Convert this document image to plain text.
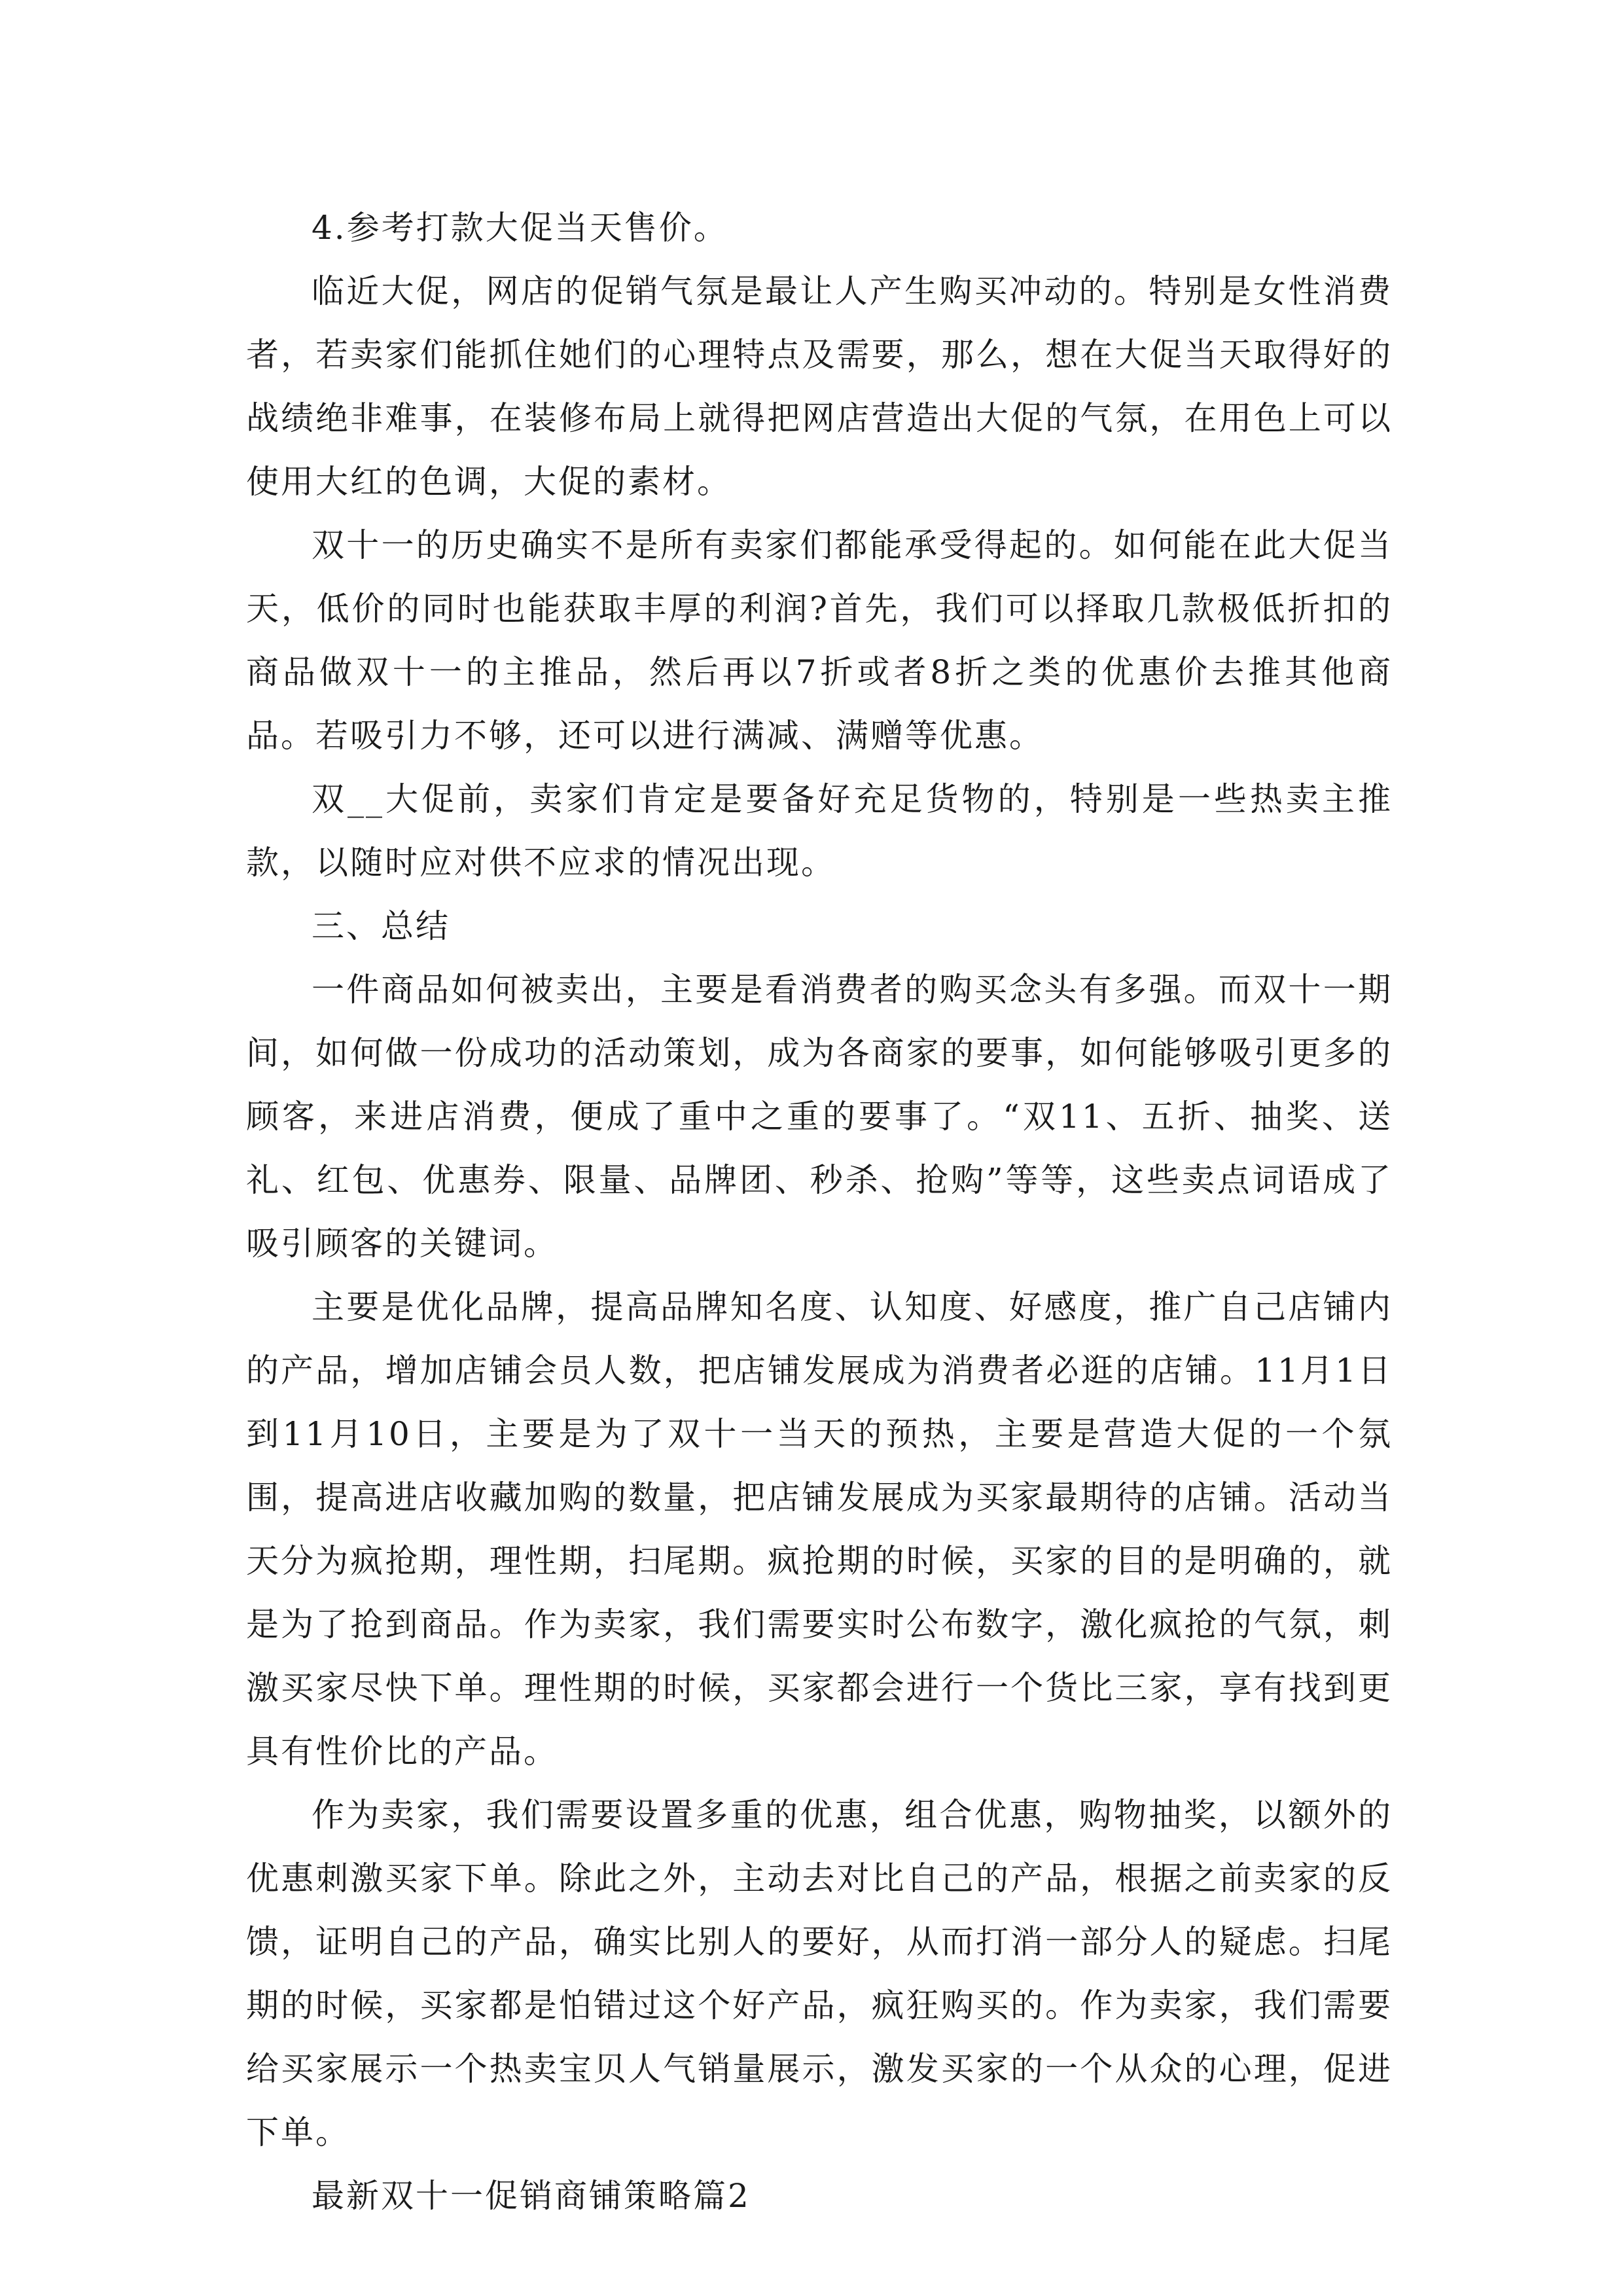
4.参考打款大促当天售价。

临近大促，网店的促销气氛是最让人产生购买冲动的。特别是女性消费者，若卖家们能抓住她们的心理特点及需要，那么，想在大促当天取得好的战绩绝非难事，在装修布局上就得把网店营造出大促的气氛，在用色上可以使用大红的色调，大促的素材。

双十一的历史确实不是所有卖家们都能承受得起的。如何能在此大促当天，低价的同时也能获取丰厚的利润?首先，我们可以择取几款极低折扣的商品做双十一的主推品，然后再以7折或者8折之类的优惠价去推其他商品。若吸引力不够，还可以进行满减、满赠等优惠。

双__大促前，卖家们肯定是要备好充足货物的，特别是一些热卖主推款，以随时应对供不应求的情况出现。

三、总结

一件商品如何被卖出，主要是看消费者的购买念头有多强。而双十一期间，如何做一份成功的活动策划，成为各商家的要事，如何能够吸引更多的顾客，来进店消费，便成了重中之重的要事了。“双11、五折、抽奖、送礼、红包、优惠券、限量、品牌团、秒杀、抢购”等等，这些卖点词语成了吸引顾客的关键词。

主要是优化品牌，提高品牌知名度、认知度、好感度，推广自己店铺内的产品，增加店铺会员人数，把店铺发展成为消费者必逛的店铺。11月1日到11月10日，主要是为了双十一当天的预热，主要是营造大促的一个氛围，提高进店收藏加购的数量，把店铺发展成为买家最期待的店铺。活动当天分为疯抢期，理性期，扫尾期。疯抢期的时候，买家的目的是明确的，就是为了抢到商品。作为卖家，我们需要实时公布数字，激化疯抢的气氛，刺激买家尽快下单。理性期的时候，买家都会进行一个货比三家，享有找到更具有性价比的产品。

作为卖家，我们需要设置多重的优惠，组合优惠，购物抽奖，以额外的优惠刺激买家下单。除此之外，主动去对比自己的产品，根据之前卖家的反馈，证明自己的产品，确实比别人的要好，从而打消一部分人的疑虑。扫尾期的时候，买家都是怕错过这个好产品，疯狂购买的。作为卖家，我们需要给买家展示一个热卖宝贝人气销量展示，激发买家的一个从众的心理，促进下单。

最新双十一促销商铺策略篇2
